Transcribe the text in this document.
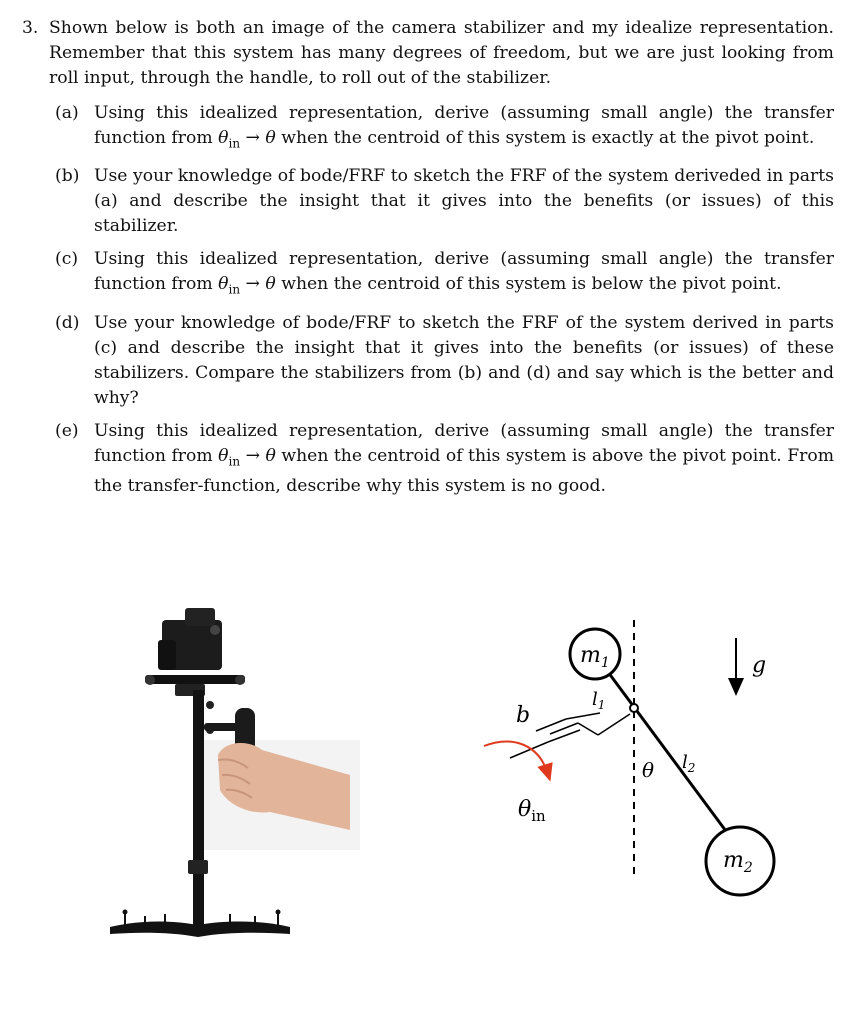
3. Shown below is both an image of the camera stabilizer and my idealize representation. Remember that this system has many degrees of freedom, but we are just looking from roll input, through the handle, to roll out of the stabilizer.
(a) Using this idealized representation, derive (assuming small angle) the transfer function from $\theta_{in} \to \theta$ when the centroid of this system is exactly at the pivot point.
(b) Use your knowledge of bode/FRF to sketch the FRF of the system deriveded in parts (a) and describe the insight that it gives into the benefits (or issues) of this stabilizer.
(c) Using this idealized representation, derive (assuming small angle) the transfer function from $\theta_{in} \to \theta$ when the centroid of this system is below the pivot point.
(d) Use your knowledge of bode/FRF to sketch the FRF of the system derived in parts (c) and describe the insight that it gives into the benefits (or issues) of these stabilizers. Compare the stabilizers from (b) and (d) and say which is the better and why?
(e) Using this idealized representation, derive (assuming small angle) the transfer function from $\theta_{in} \to \theta$ when the centroid of this system is above the pivot point. From the transfer-function, describe why this system is no good.
$m_1$
$m_2$
b
$l_1$
$l_2$
θ
g
$\theta_{in}$
